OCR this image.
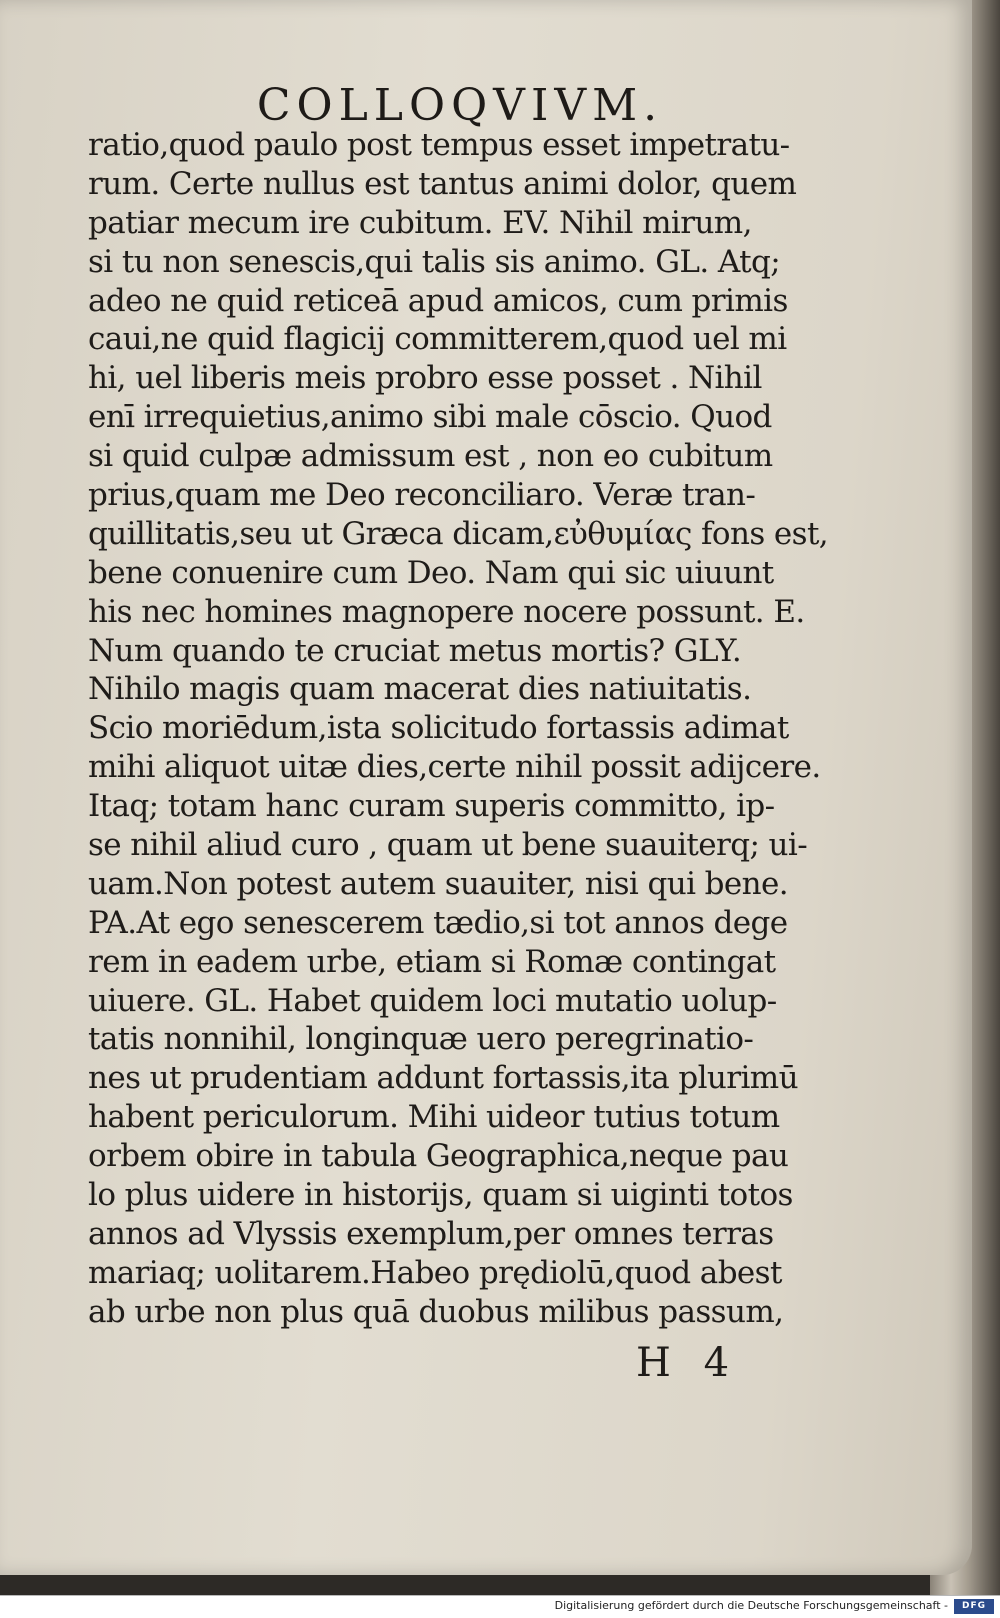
COLLOQVIVM.
ratio,quod paulo post tempus esset impetratu‐
rum. Certe nullus est tantus animi dolor, quem
patiar mecum ire cubitum. EV. Nihil mirum,
si tu non senescis,qui talis sis animo. GL. Atq;
adeo ne quid reticeā apud amicos, cum primis
caui,ne quid flagicij committerem,quod uel mi
hi, uel liberis meis probro esse posset . Nihil
enī irrequietius,animo sibi male cōscio. Quod
si quid culpæ admissum est , non eo cubitum
prius,quam me Deo reconciliaro. Veræ tran‐
quillitatis,seu ut Græca dicam,εὐθυμίας fons est,
bene conuenire cum Deo. Nam qui sic uiuunt
his nec homines magnopere nocere possunt. E.
Num quando te cruciat metus mortis? GLY.
Nihilo magis quam macerat dies natiuitatis.
Scio moriēdum,ista solicitudo fortassis adimat
mihi aliquot uitæ dies,certe nihil possit adijcere.
Itaq; totam hanc curam superis committo, ip‐
se nihil aliud curo , quam ut bene suauiterq; ui‐
uam.Non potest autem suauiter, nisi qui bene.
PA.At ego senescerem tædio,si tot annos dege
rem in eadem urbe, etiam si Romæ contingat
uiuere. GL. Habet quidem loci mutatio uolup‐
tatis nonnihil, longinquæ uero peregrinatio‐
nes ut prudentiam addunt fortassis,ita plurimū
habent periculorum. Mihi uideor tutius totum
orbem obire in tabula Geographica,neque pau
lo plus uidere in historijs, quam si uiginti totos
annos ad Vlyssis exemplum,per omnes terras
mariaq; uolitarem.Habeo prędiolū,quod abest
ab urbe non plus quā duobus milibus passum,
H 4
Digitalisierung gefördert durch die Deutsche Forschungsgemeinschaft -	DFG
